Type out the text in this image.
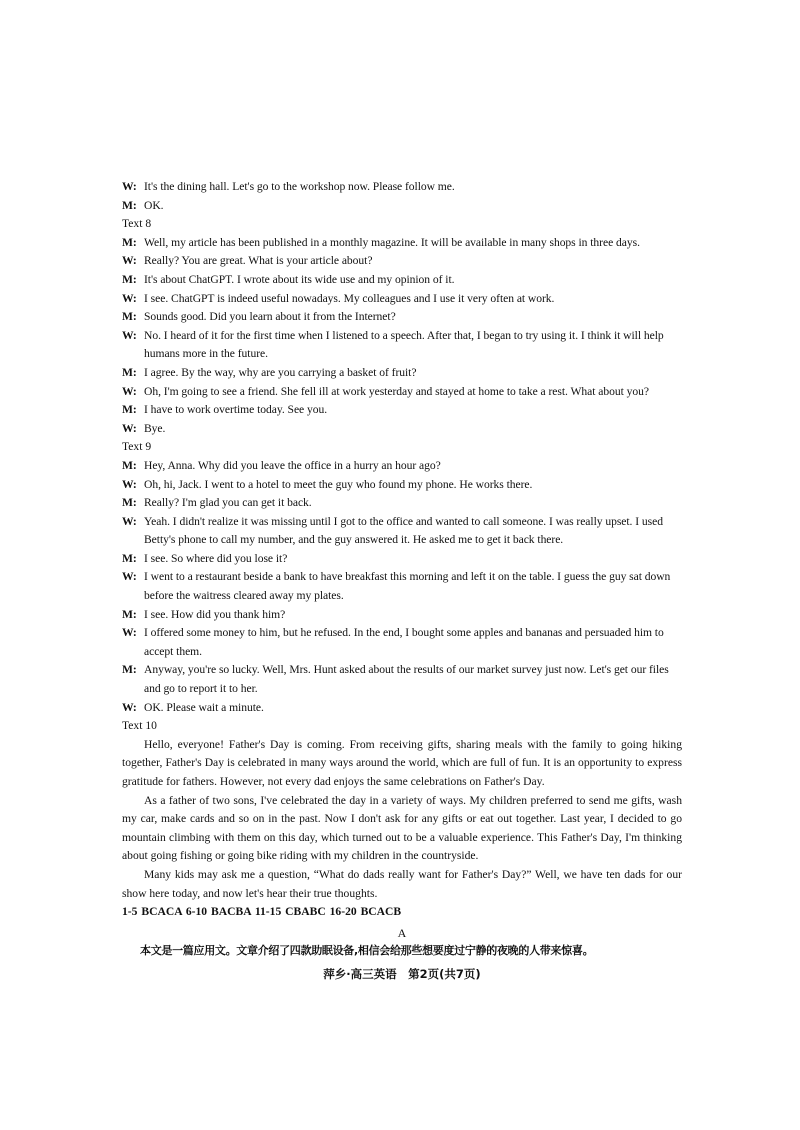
W: It's the dining hall. Let's go to the workshop now. Please follow me.

M: OK.

Text 8

M: Well, my article has been published in a monthly magazine. It will be available in many shops in three days.

W: Really? You are great. What is your article about?

M: It's about ChatGPT. I wrote about its wide use and my opinion of it.

W: I see. ChatGPT is indeed useful nowadays. My colleagues and I use it very often at work.

M: Sounds good. Did you learn about it from the Internet?

W: No. I heard of it for the first time when I listened to a speech. After that, I began to try using it. I think it will help humans more in the future.

M: I agree. By the way, why are you carrying a basket of fruit?

W: Oh, I'm going to see a friend. She fell ill at work yesterday and stayed at home to take a rest. What about you?

M: I have to work overtime today. See you.

W: Bye.

Text 9

M: Hey, Anna. Why did you leave the office in a hurry an hour ago?

W: Oh, hi, Jack. I went to a hotel to meet the guy who found my phone. He works there.

M: Really? I'm glad you can get it back.

W: Yeah. I didn't realize it was missing until I got to the office and wanted to call someone. I was really upset. I used Betty's phone to call my number, and the guy answered it. He asked me to get it back there.

M: I see. So where did you lose it?

W: I went to a restaurant beside a bank to have breakfast this morning and left it on the table. I guess the guy sat down before the waitress cleared away my plates.

M: I see. How did you thank him?

W: I offered some money to him, but he refused. In the end, I bought some apples and bananas and persuaded him to accept them.

M: Anyway, you're so lucky. Well, Mrs. Hunt asked about the results of our market survey just now. Let's get our files and go to report it to her.

W: OK. Please wait a minute.

Text 10

Hello, everyone! Father's Day is coming. From receiving gifts, sharing meals with the family to going hiking together, Father's Day is celebrated in many ways around the world, which are full of fun. It is an opportunity to express gratitude for fathers. However, not every dad enjoys the same celebrations on Father's Day.

As a father of two sons, I've celebrated the day in a variety of ways. My children preferred to send me gifts, wash my car, make cards and so on in the past. Now I don't ask for any gifts or eat out together. Last year, I decided to go mountain climbing with them on this day, which turned out to be a valuable experience. This Father's Day, I'm thinking about going fishing or going bike riding with my children in the countryside.

Many kids may ask me a question, “What do dads really want for Father's Day?” Well, we have ten dads for our show here today, and now let's hear their true thoughts.

1-5 BCACA 6-10 BACBA 11-15 CBABC 16-20 BCACB

A

本文是一篇应用文。文章介绍了四款助眠设备,相信会给那些想要度过宁静的夜晚的人带来惊喜。

萍乡·高三英语　第2页(共7页)
